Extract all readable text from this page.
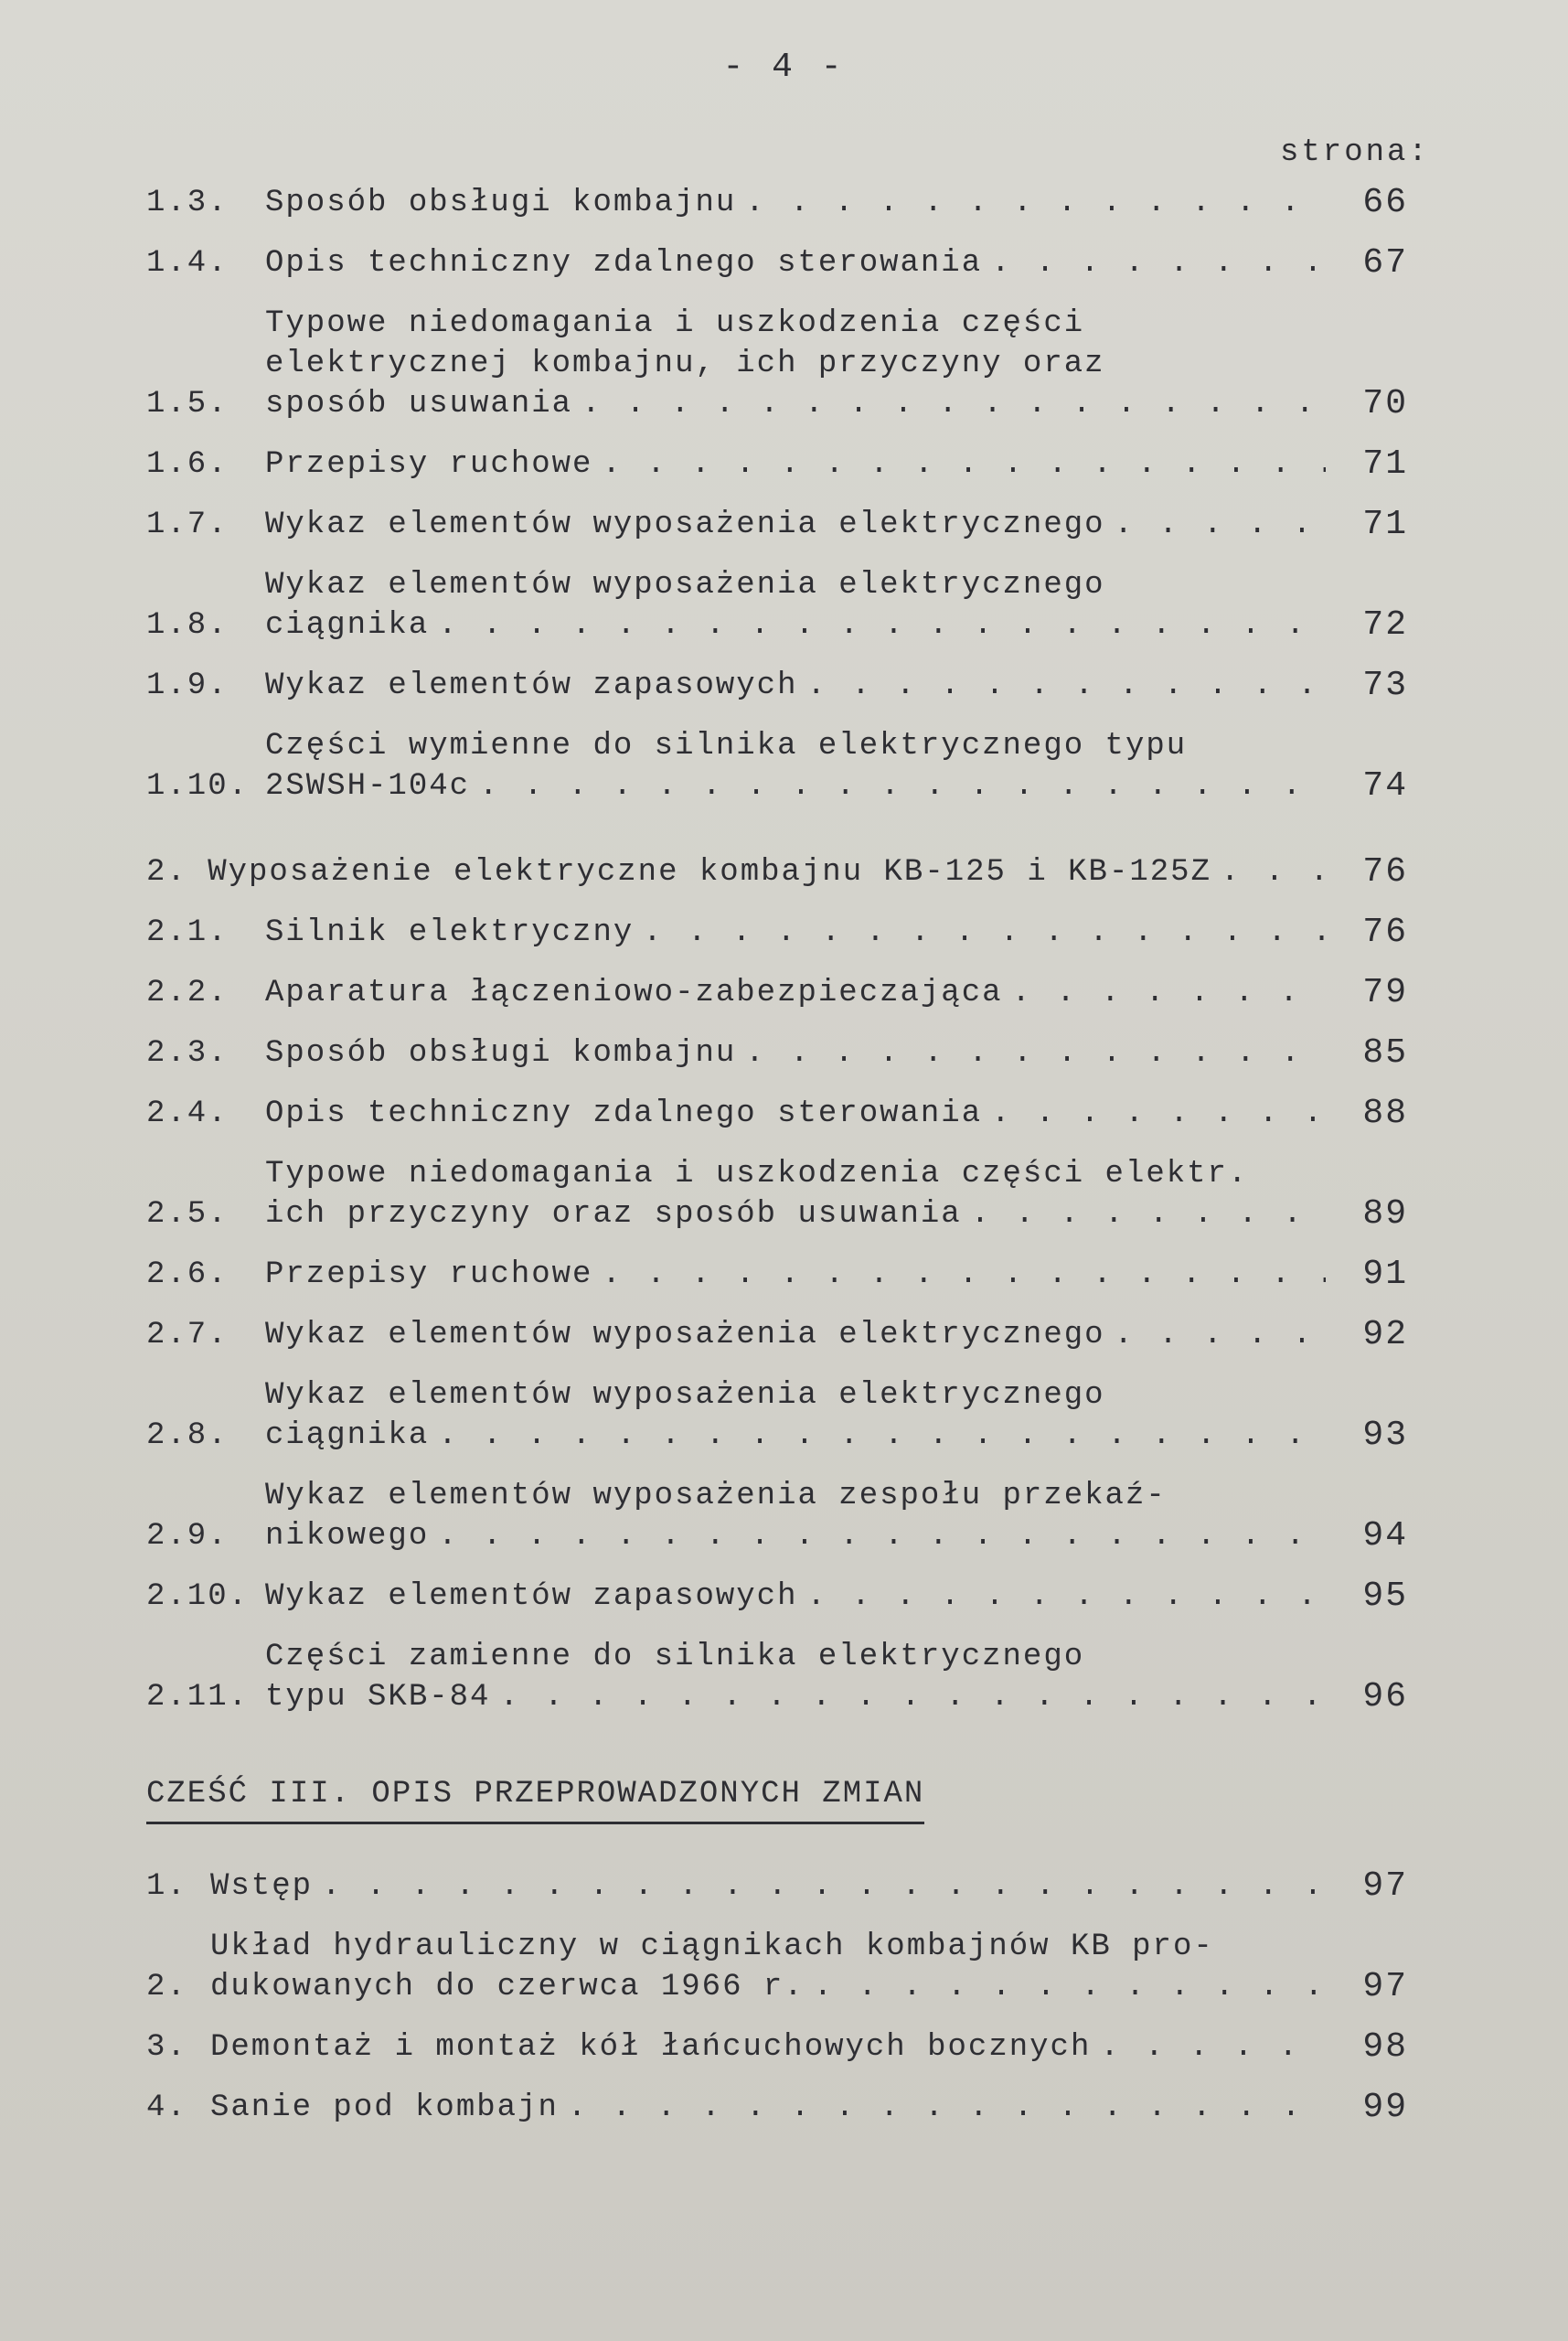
- 4 -
strona:
1.3.	Sposób obsługi kombajnu . . .	66
1.4.	Opis techniczny zdalnego sterowania . . .	67
1.5.
Typowe niedomagania i uszkodzenia części
elektrycznej kombajnu, ich przyczyny oraz
sposób usuwania . . .	70
1.6.	Przepisy ruchowe . . .	71
1.7.	Wykaz elementów wyposażenia elektrycznego . . .	71
1.8.
Wykaz elementów wyposażenia elektrycznego
ciągnika . . .	72
1.9.	Wykaz elementów zapasowych . . .	73
1.10.
Części wymienne do silnika elektrycznego typu
2SWSH-104c . . .	74
2. Wyposażenie elektryczne kombajnu KB-125 i KB-125Z . . .	76
2.1.	Silnik elektryczny . . .	76
2.2.	Aparatura łączeniowo-zabezpieczająca . . .	79
2.3.	Sposób obsługi kombajnu . . .	85
2.4.	Opis techniczny zdalnego sterowania . . .	88
2.5.
Typowe niedomagania i uszkodzenia części elektr.
ich przyczyny oraz sposób usuwania . . .	89
2.6.	Przepisy ruchowe . . .	91
2.7.	Wykaz elementów wyposażenia elektrycznego . . .	92
2.8.
Wykaz elementów wyposażenia elektrycznego
ciągnika . . .	93
2.9.
Wykaz elementów wyposażenia zespołu przekaź-
nikowego . . .	94
2.10. Wykaz elementów zapasowych . . .	95
2.11.
Części zamienne do silnika elektrycznego
typu SKB-84 . . .	96
CZEŚĆ III. OPIS PRZEPROWADZONYCH ZMIAN
1. Wstęp . . .	97
2.
Układ hydrauliczny w ciągnikach kombajnów KB pro-
dukowanych do czerwca 1966 r. . . .	97
3. Demontaż i montaż kół łańcuchowych bocznych . . .	98
4. Sanie pod kombajn . . .	99
